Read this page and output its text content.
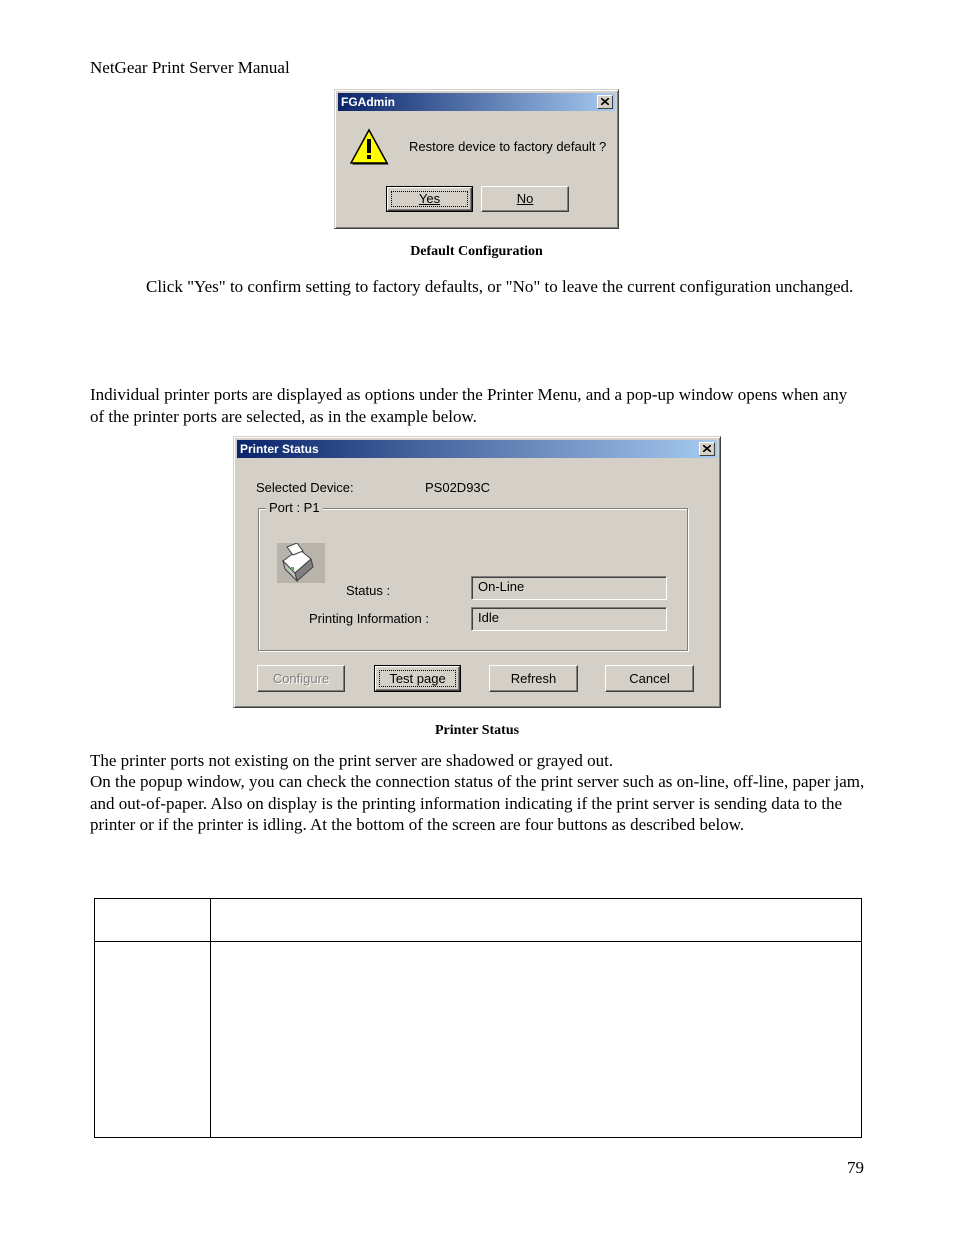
NetGear Print Server Manual
FGAdmin
Restore device to factory default ?
Yes	No
Default Configuration
Click "Yes" to confirm setting to factory defaults, or "No" to leave the current configuration unchanged.
Individual printer ports are displayed as options under the Printer Menu, and a pop-up window opens when any of the printer ports are selected, as in the example below.
Printer Status
Selected Device:	PS02D93C
Port : P1
Status :	On-Line
Printing Information :	Idle
Configure	Test page	Refresh	Cancel
Printer Status
The printer ports not existing on the print server are shadowed or grayed out.
On the popup window, you can check the connection status of the print server such as on-line, off-line, paper jam, and out-of-paper. Also on display is the printing information indicating if the print server is sending data to the printer or if the printer is idling. At the bottom of the screen are four buttons as described below.

79
